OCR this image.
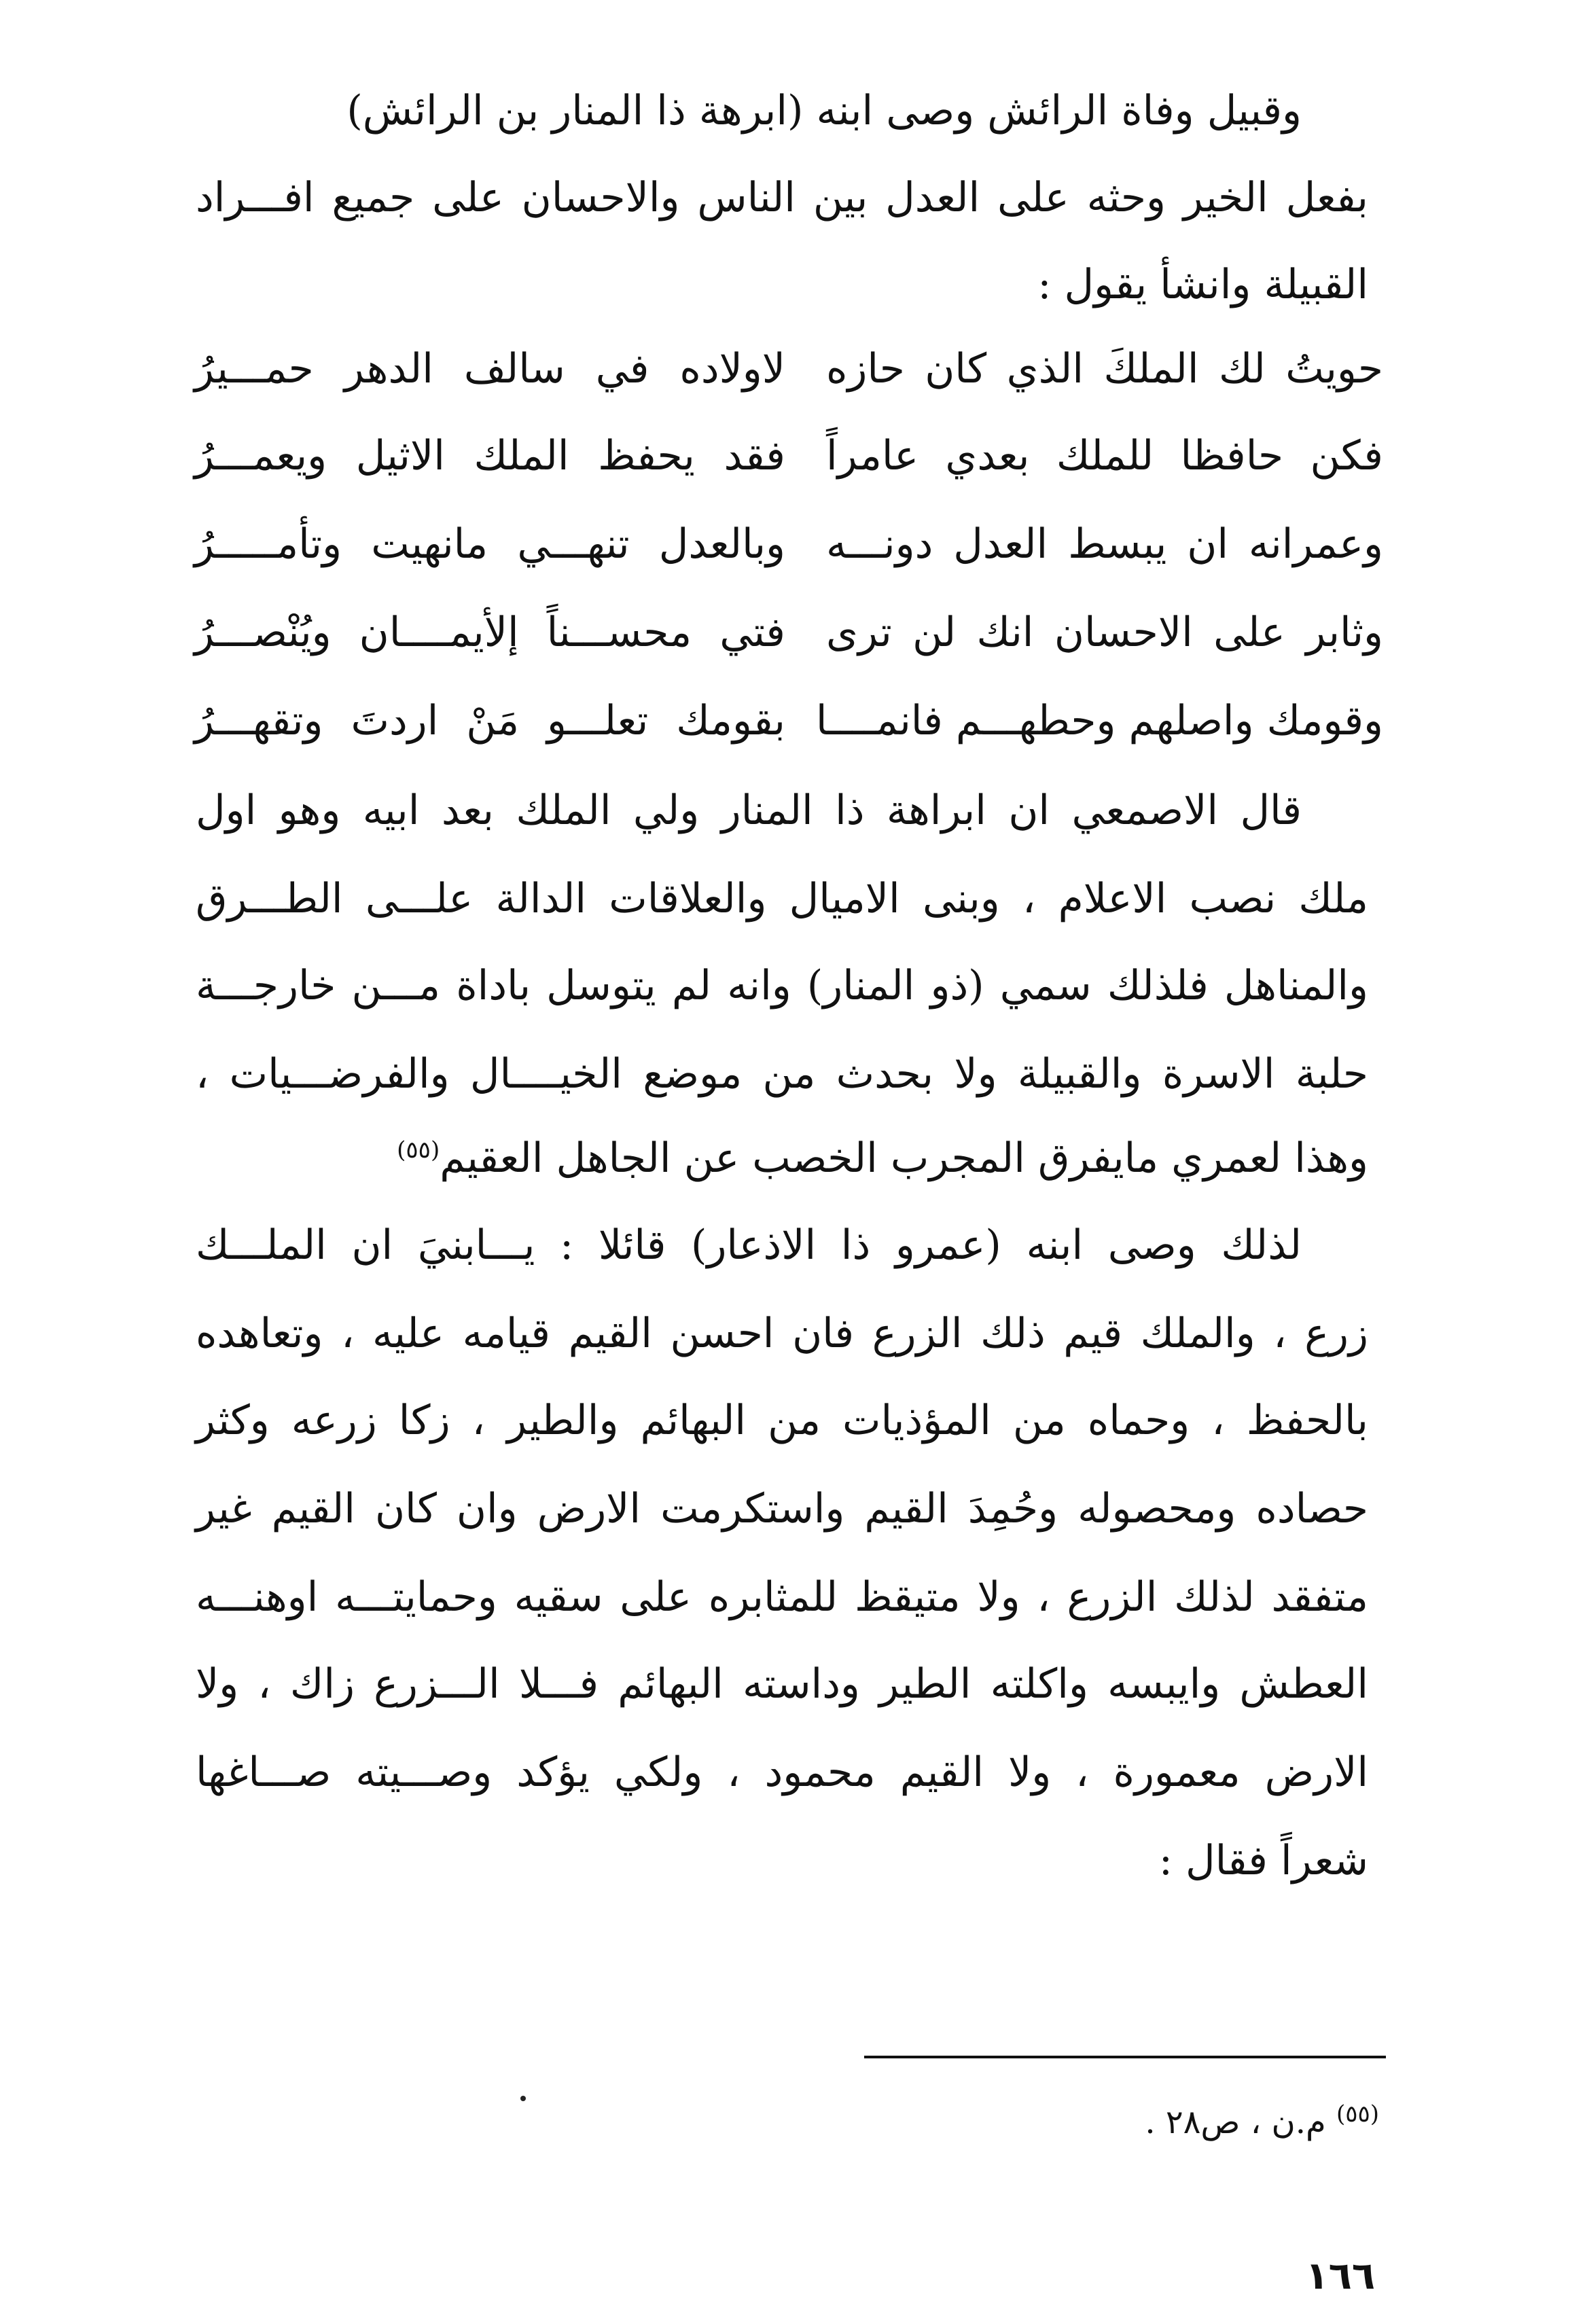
وقبيل وفاة الرائش وصى ابنه (ابرهة ذا المنار بن الرائش)
بفعل الخير وحثه على العدل بين الناس والاحسان على جميع افـــراد
القبيلة وانشأ يقول :
حويتُ لك الملكَ الذي كان حازه
لاولاده في سالف الدهر حمـــيرُ
فكن حافظا للملك بعدي عامراً
فقد يحفظ الملك الاثيل ويعمـــرُ
وعمرانه ان يبسط العدل دونـــه
وبالعدل تنهـــي مانهيت وتأمـــــرُ
وثابر على الاحسان انك لن ترى
فتي محســـناً إلأيمــــان ويُنْصـــرُ
وقومك واصلهم وحطهـــم فانمــــا
بقومك تعلـــو مَنْ اردتَ وتقهـــرُ
قال الاصمعي ان ابراهة ذا المنار ولي الملك بعد ابيه وهو اول
ملك نصب الاعلام ، وبنى الاميال والعلاقات الدالة علـــى الطـــرق
والمناهل فلذلك سمي (ذو المنار) وانه لم يتوسل باداة مـــن خارجـــة
حلبة الاسرة والقبيلة ولا بحدث من موضع الخيــــال والفرضـــيات ،
وهذا لعمري مايفرق المجرب الخصب عن الجاهل العقيم$^{(٥٥)}$
لذلك وصى ابنه (عمرو ذا الاذعار) قائلا : يـــابنيَ ان الملـــك
زرع ، والملك قيم ذلك الزرع فان احسن القيم قيامه عليه ، وتعاهده
بالحفظ ، وحماه من المؤذيات من البهائم والطير ، زكا زرعه وكثر
حصاده ومحصوله وحُمِدَ القيم واستكرمت الارض وان كان القيم غير
متفقد لذلك الزرع ، ولا متيقظ للمثابره على سقيه وحمايتـــه اوهنـــه
العطش وايبسه واكلته الطير وداسته البهائم فـــلا الـــزرع زاك ، ولا
الارض معمورة ، ولا القيم محمود ، ولكي يؤكد وصـــيته صـــاغها
شعراً فقال :
$^{(٥٥)}$ م.ن ، ص٢٨ .
١٦٦
